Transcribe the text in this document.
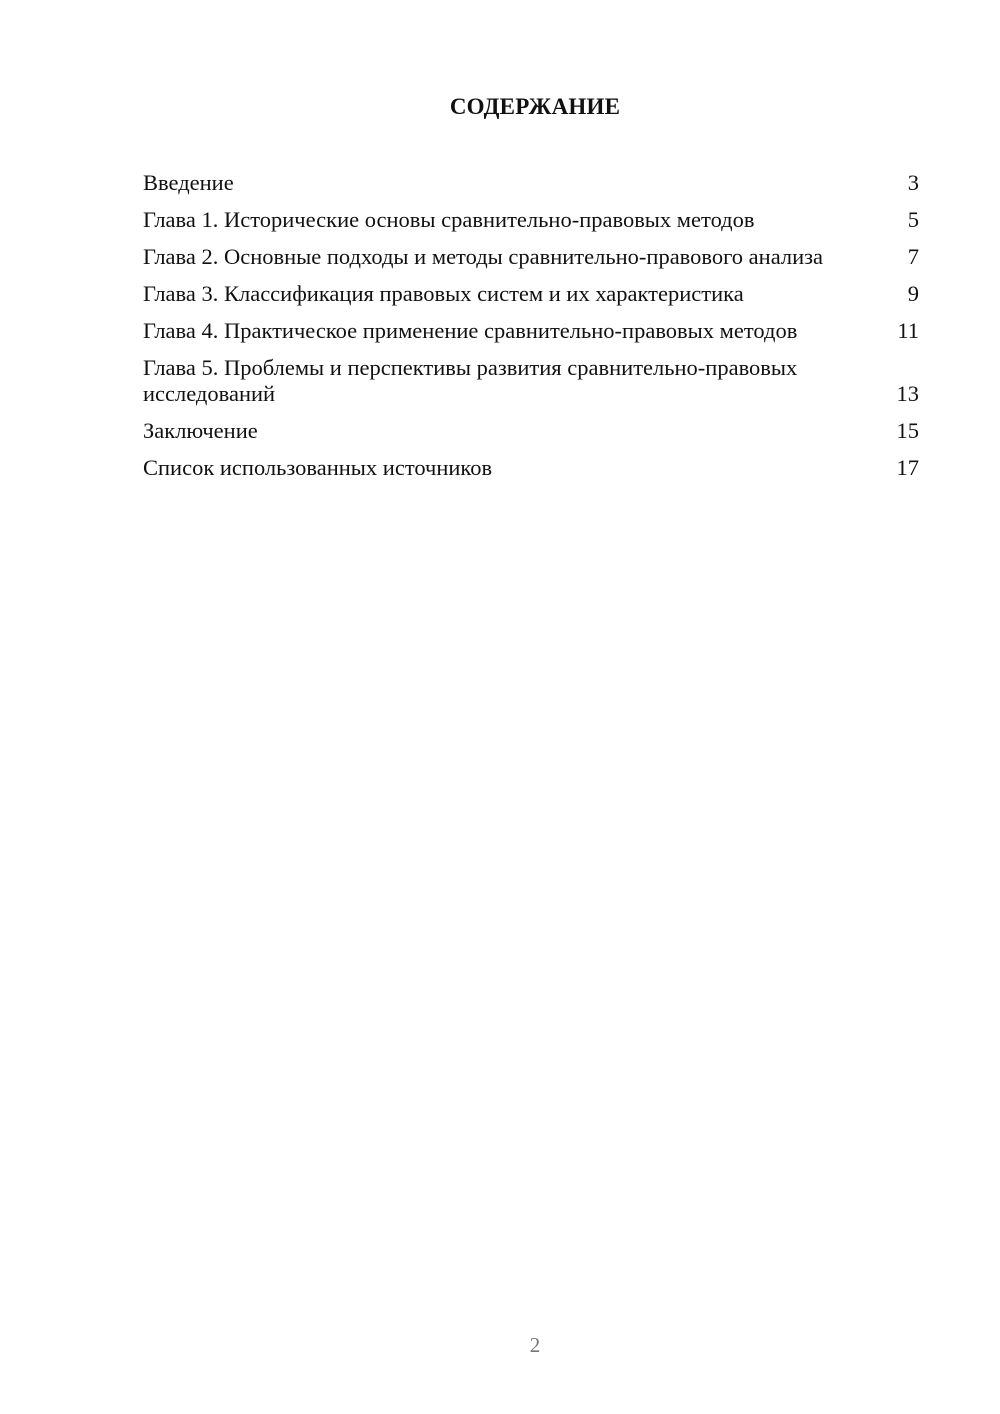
СОДЕРЖАНИЕ
Введение	3
Глава 1. Исторические основы сравнительно-правовых методов	5
Глава 2. Основные подходы и методы сравнительно-правового анализа	7
Глава 3. Классификация правовых систем и их характеристика	9
Глава 4. Практическое применение сравнительно-правовых методов	11
Глава 5. Проблемы и перспективы развития сравнительно-правовых исследований	13
Заключение	15
Список использованных источников	17
2
